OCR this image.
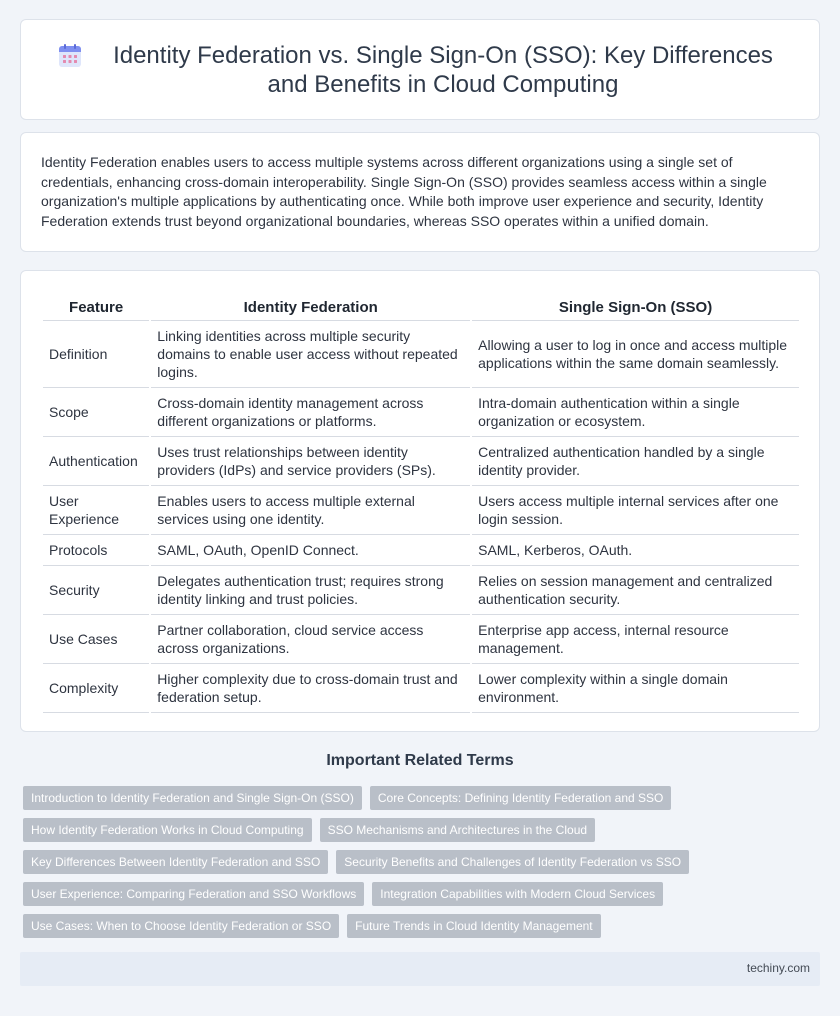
Identity Federation vs. Single Sign-On (SSO): Key Differences and Benefits in Cloud Computing

Identity Federation enables users to access multiple systems across different organizations using a single set of credentials, enhancing cross-domain interoperability. Single Sign-On (SSO) provides seamless access within a single organization's multiple applications by authenticating once. While both improve user experience and security, Identity Federation extends trust beyond organizational boundaries, whereas SSO operates within a unified domain.

Feature	Identity Federation	Single Sign-On (SSO)
Definition	Linking identities across multiple security domains to enable user access without repeated logins.	Allowing a user to log in once and access multiple applications within the same domain seamlessly.
Scope	Cross-domain identity management across different organizations or platforms.	Intra-domain authentication within a single organization or ecosystem.
Authentication	Uses trust relationships between identity providers (IdPs) and service providers (SPs).	Centralized authentication handled by a single identity provider.
User Experience	Enables users to access multiple external services using one identity.	Users access multiple internal services after one login session.
Protocols	SAML, OAuth, OpenID Connect.	SAML, Kerberos, OAuth.
Security	Delegates authentication trust; requires strong identity linking and trust policies.	Relies on session management and centralized authentication security.
Use Cases	Partner collaboration, cloud service access across organizations.	Enterprise app access, internal resource management.
Complexity	Higher complexity due to cross-domain trust and federation setup.	Lower complexity within a single domain environment.
Important Related Terms
Introduction to Identity Federation and Single Sign-On (SSO)	Core Concepts: Defining Identity Federation and SSO
How Identity Federation Works in Cloud Computing	SSO Mechanisms and Architectures in the Cloud
Key Differences Between Identity Federation and SSO	Security Benefits and Challenges of Identity Federation vs SSO
User Experience: Comparing Federation and SSO Workflows	Integration Capabilities with Modern Cloud Services
Use Cases: When to Choose Identity Federation or SSO	Future Trends in Cloud Identity Management
techiny.com
